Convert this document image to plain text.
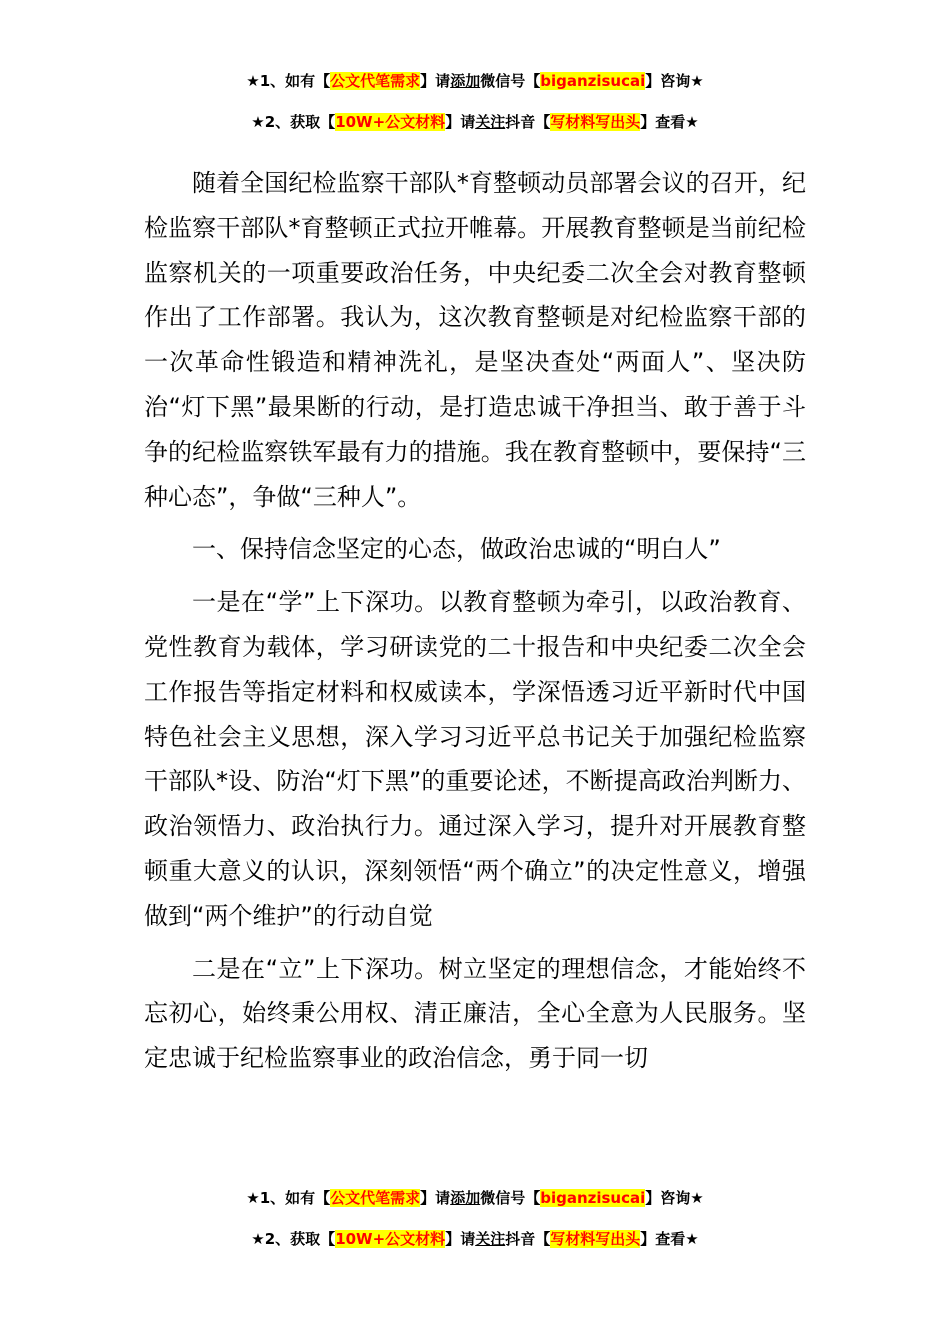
★1、如有【公文代笔需求】请添加微信号【biganzisucai】咨询★
★2、获取【10W+公文材料】请关注抖音【写材料写出头】查看★

随着全国纪检监察干部队*育整顿动员部署会议的召开，纪检监察干部队*育整顿正式拉开帷幕。开展教育整顿是当前纪检监察机关的一项重要政治任务，中央纪委二次全会对教育整顿作出了工作部署。我认为，这次教育整顿是对纪检监察干部的一次革命性锻造和精神洗礼，是坚决查处“两面人”、坚决防治“灯下黑”最果断的行动，是打造忠诚干净担当、敢于善于斗争的纪检监察铁军最有力的措施。我在教育整顿中，要保持“三种心态”，争做“三种人”。

一、保持信念坚定的心态，做政治忠诚的“明白人”

一是在“学”上下深功。以教育整顿为牵引，以政治教育、党性教育为载体，学习研读党的二十报告和中央纪委二次全会工作报告等指定材料和权威读本，学深悟透习近平新时代中国特色社会主义思想，深入学习习近平总书记关于加强纪检监察干部队*设、防治“灯下黑”的重要论述，不断提高政治判断力、政治领悟力、政治执行力。通过深入学习，提升对开展教育整顿重大意义的认识，深刻领悟“两个确立”的决定性意义，增强做到“两个维护”的行动自觉

二是在“立”上下深功。树立坚定的理想信念，才能始终不忘初心，始终秉公用权、清正廉洁，全心全意为人民服务。坚定忠诚于纪检监察事业的政治信念，勇于同一切

★1、如有【公文代笔需求】请添加微信号【biganzisucai】咨询★
★2、获取【10W+公文材料】请关注抖音【写材料写出头】查看★
